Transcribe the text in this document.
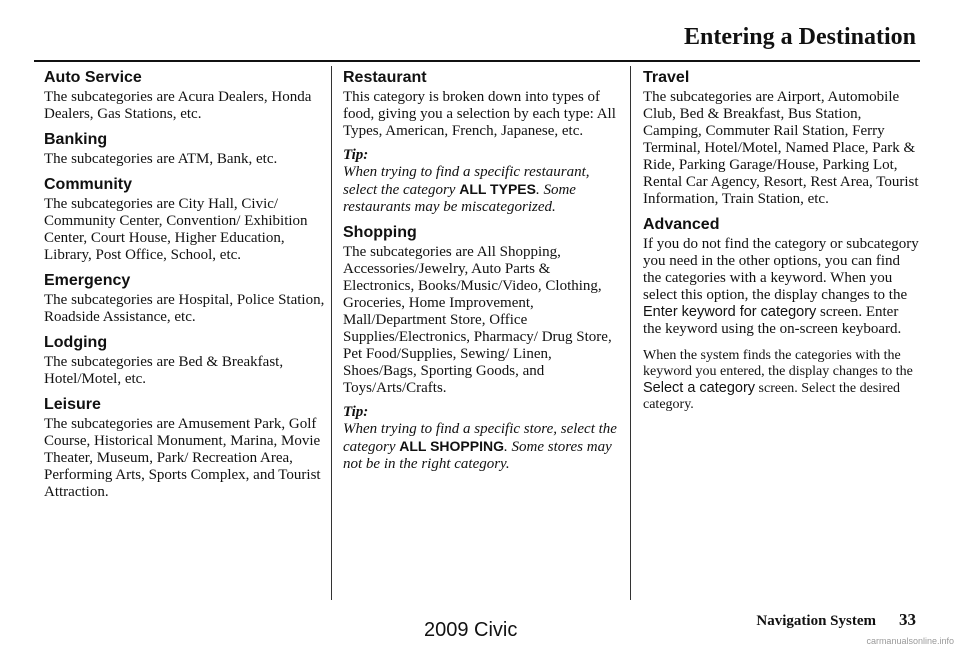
Entering a Destination
Auto Service

The subcategories are Acura Dealers, Honda Dealers, Gas Stations, etc.

Banking

The subcategories are ATM, Bank, etc.

Community

The subcategories are City Hall, Civic/ Community Center, Convention/ Exhibition Center, Court House, Higher Education, Library, Post Office, School, etc.

Emergency

The subcategories are Hospital, Police Station, Roadside Assistance, etc.

Lodging

The subcategories are Bed & Breakfast, Hotel/Motel, etc.

Leisure

The subcategories are Amusement Park, Golf Course, Historical Monument, Marina, Movie Theater, Museum, Park/ Recreation Area, Performing Arts, Sports Complex, and Tourist Attraction.

Restaurant

This category is broken down into types of food, giving you a selection by each type: All Types, American, French, Japanese, etc.

Tip:

When trying to find a specific restaurant, select the category ALL TYPES. Some restaurants may be miscategorized.

Shopping

The subcategories are All Shopping, Accessories/Jewelry, Auto Parts & Electronics, Books/Music/Video, Clothing, Groceries, Home Improvement, Mall/Department Store, Office Supplies/Electronics, Pharmacy/ Drug Store, Pet Food/Supplies, Sewing/ Linen, Shoes/Bags, Sporting Goods, and Toys/Arts/Crafts.

Tip:

When trying to find a specific store, select the category ALL SHOPPING. Some stores may not be in the right category.

Travel

The subcategories are Airport, Automobile Club, Bed & Breakfast, Bus Station, Camping, Commuter Rail Station, Ferry Terminal, Hotel/Motel, Named Place, Park & Ride, Parking Garage/House, Parking Lot, Rental Car Agency, Resort, Rest Area, Tourist Information, Train Station, etc.

Advanced

If you do not find the category or subcategory you need in the other options, you can find the categories with a keyword. When you select this option, the display changes to the Enter keyword for category screen. Enter the keyword using the on-screen keyboard.

When the system finds the categories with the keyword you entered, the display changes to the Select a category screen. Select the desired category.

Navigation System 33
2009 Civic	carmanualsonline.info
